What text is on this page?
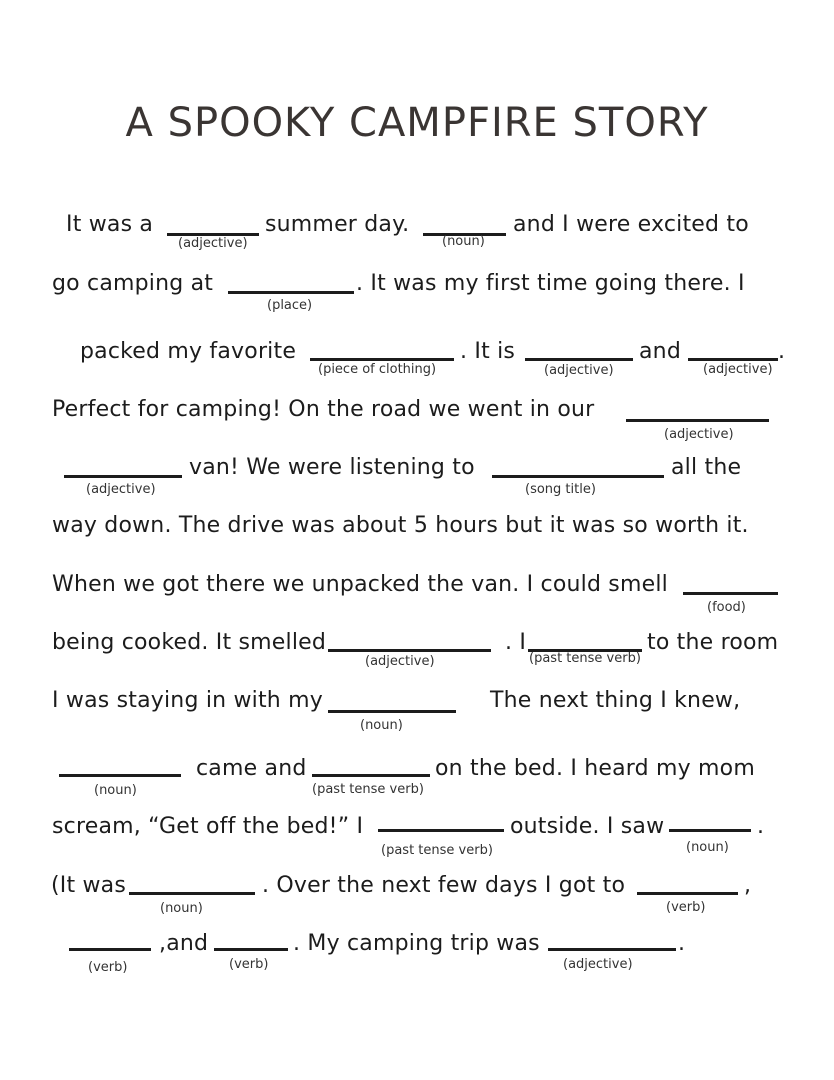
A SPOOKY CAMPFIRE STORY
It was a
(adjective)
summer day.
(noun)
and I were excited to
go camping at
(place)
. It was my first time going there. I
packed my favorite
(piece of clothing)
. It is
(adjective)
and	.
(adjective)
Perfect for camping! On the road we went in our
(adjective)
(adjective)
van! We were listening to
(song title)
all the
way down. The drive was about 5 hours but it was so worth it.
When we got there we unpacked the van. I could smell
(food)
being cooked. It smelled
(adjective)
. I
(past tense verb)
to the room
I was staying in with my
(noun)
The next thing I knew,
(noun)
came and
(past tense verb)
on the bed. I heard my mom
scream, “Get off the bed!” I
(past tense verb)
outside. I saw
(noun)
.
(It was
(noun)
. Over the next few days I got to
(verb)
,
(verb)
,and
(verb)
. My camping trip was
(adjective)
.
